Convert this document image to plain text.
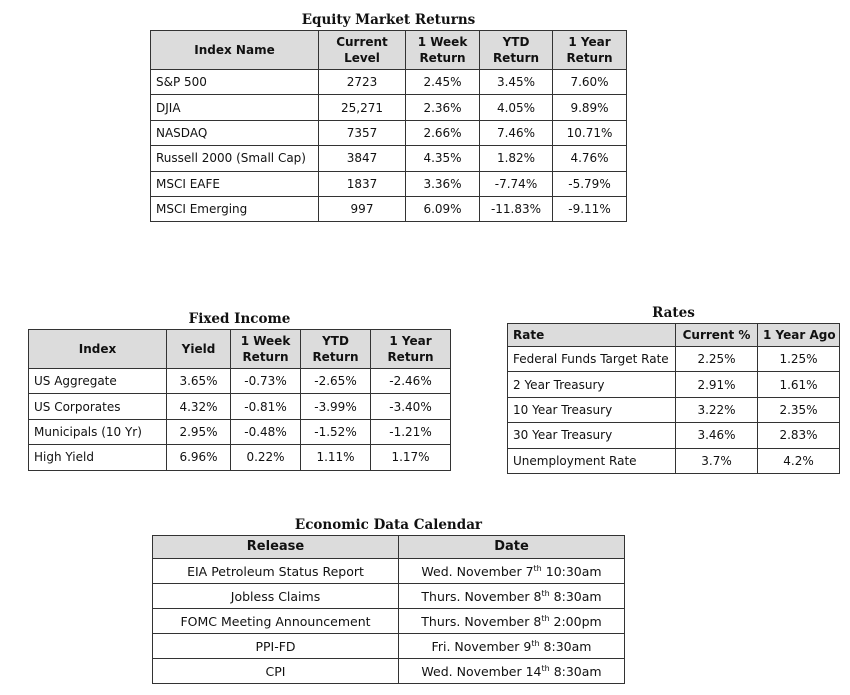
Equity Market Returns
Index Name	Current Level	1 Week Return	YTD Return	1 Year Return
S&P 500	2723	2.45%	3.45%	7.60%
DJIA	25,271	2.36%	4.05%	9.89%
NASDAQ	7357	2.66%	7.46%	10.71%
Russell 2000 (Small Cap)	3847	4.35%	1.82%	4.76%
MSCI EAFE	1837	3.36%	-7.74%	-5.79%
MSCI Emerging	997	6.09%	-11.83%	-9.11%
Fixed Income
Index	Yield	1 Week Return	YTD Return	1 Year Return
US Aggregate	3.65%	-0.73%	-2.65%	-2.46%
US Corporates	4.32%	-0.81%	-3.99%	-3.40%
Municipals (10 Yr)	2.95%	-0.48%	-1.52%	-1.21%
High Yield	6.96%	0.22%	1.11%	1.17%
Rates
Rate	Current %	1 Year Ago
Federal Funds Target Rate	2.25%	1.25%
2 Year Treasury	2.91%	1.61%
10 Year Treasury	3.22%	2.35%
30 Year Treasury	3.46%	2.83%
Unemployment Rate	3.7%	4.2%
Economic Data Calendar
Release	Date
EIA Petroleum Status Report	Wed. November 7th 10:30am
Jobless Claims	Thurs. November 8th 8:30am
FOMC Meeting Announcement	Thurs. November 8th 2:00pm
PPI-FD	Fri. November 9th 8:30am
CPI	Wed. November 14th 8:30am
